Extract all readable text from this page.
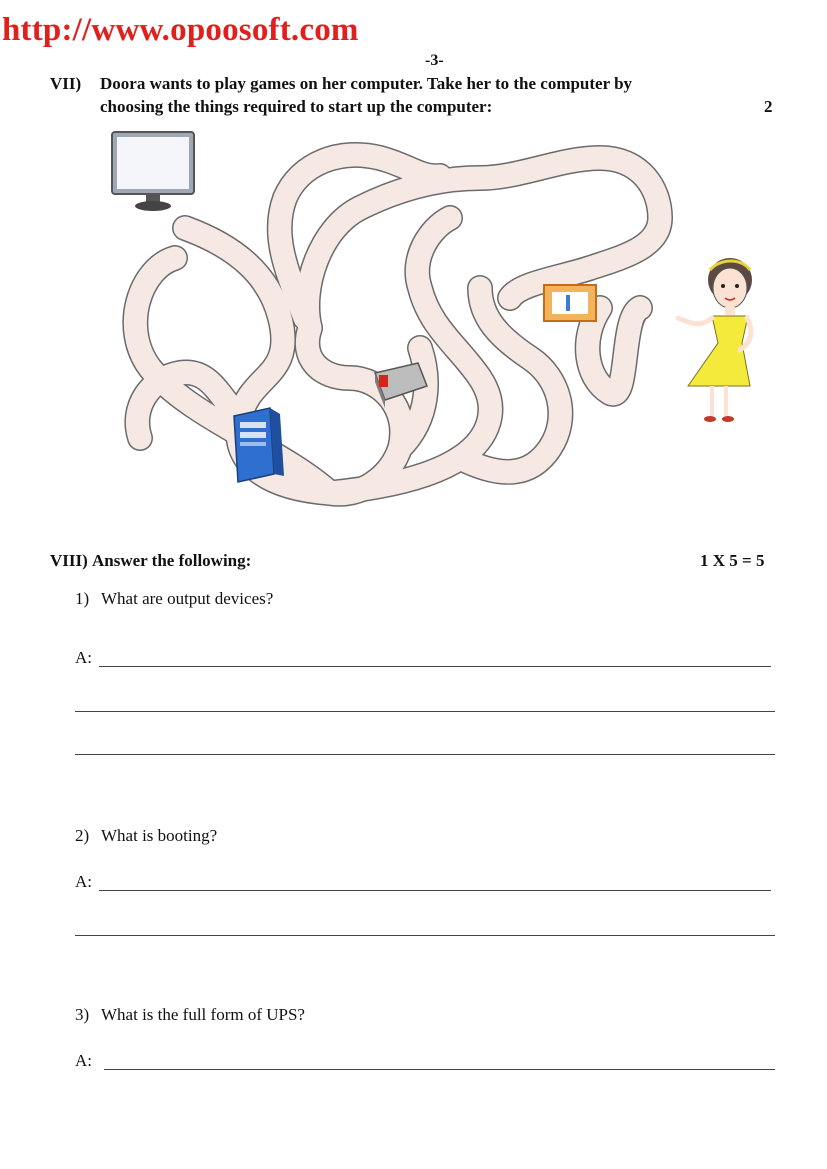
http://www.opoosoft.com
-3-
VII) Doora wants to play games on her computer. Take her to the computer by
choosing the things required to start up the computer:	2
VIII) Answer the following:	1 X 5 = 5
1) What are output devices?
A:
2) What is booting?
A:
3) What is the full form of UPS?
A:
